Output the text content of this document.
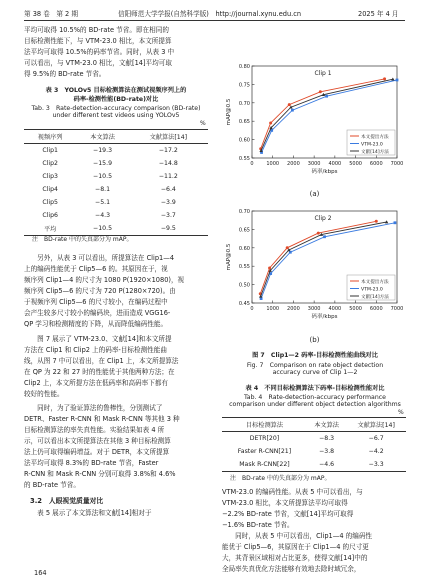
第 38 卷　第 2 期	信阳师范大学学报(自然科学版)　http://journal.xynu.edu.cn	2025 年 4 月
平均可取得 10.5%的 BD-rate 节省。即在相同的
目标检测性能下，与 VTM-23.0 相比，本文所提算
法平均可取得 10.5%的码率节省。同时，从表 3 中
可以看出，与 VTM-23.0 相比，文献[14]平均可取
得 9.5%的 BD-rate 节省。
表 3　YOLOv5 目标检测算法在测试视频序列上的
码率-检测性能(BD-rate)对比
Tab. 3　Rate-detection-accuracy comparison (BD-rate)
under different test videos using YOLOv5
%
视频序列	本文算法	文献算法[14]
Clip1	−19.3	−17.2
Clip2	−15.9	−14.8
Clip3	−10.5	−11.2
Clip4	−8.1	−6.4
Clip5	−5.1	−3.9
Clip6	−4.3	−3.7
平均	−10.5	−9.5
注　BD-rate 中的失真部分为 mAP。
　　另外，从表 3 可以看出，所提算法在 Clip1—4
上的编码性能优于 Clip5—6 的。其原因在于，视
频序列 Clip1—4 的尺寸为 1080 P(1920×1080)，视
频序列 Clip5—6 的尺寸为 720 P(1280×720)。由
于视频序列 Clip5—6 的尺寸较小，在编码过程中
会产生较多尺寸较小的编码块，进而造成 VGG16-
QP 学习和检测精度的下降，从而降低编码性能。
　　图 7 展示了 VTM-23.0、文献[14]和本文所提
方法在 Clip1 和 Clip2 上的码率-目标检测性能曲
线，从图 7 中可以看出，在 Clip1 上，本文所提算法
在 QP 为 22 和 27 时的性能优于其他两种方法；在
Clip2 上，本文所提方法在低码率和高码率下都有
较好的性能。
　　同时，为了验证算法的鲁棒性，分别测试了
DETR、Faster R-CNN 和 Mask R-CNN 等其他 3 种
目标检测算法的率失真性能。实验结果如表 4 所
示，可以看出本文所提算法在其他 3 种目标检测算
法上仍可取得编码增益。对于 DETR，本文所提算
法平均可取得 8.3%的 BD-rate 节省，Faster
R-CNN 和 Mask R-CNN 分别可取得 3.8%和 4.6%
的 BD-rate 节省。
3.2　人眼视觉质量对比
　　表 5 展示了本文算法和文献[14]相对于
164
0.80
0.75
0.70
0.65
0.60
0.55
0	1000 2000 3000 4000 5000 6000 7000
码率/kbps
mAP@0.5
Clip 1
本文提出方法
VTM-23.0
文献[14]方法
(a)
0.70
0.65
0.60
0.55
0.50
0.45
0	1000 2000 3000 4000 5000 6000 7000
码率/kbps
mAP@0.5
Clip 2
本文提出方法
VTM-23.0
文献[14]方法
(b)
图 7　Clip1—2 码率-目标检测性能曲线对比
Fig. 7　Comparison on rate object detection
accuracy curve of Clip 1—2
表 4　不同目标检测算法下码率-目标检测性能对比
Tab. 4　Rate-detection-accuracy performance
comparison under different object detection algorithms
%
目标检测算法	本文算法	文献算法[14]
DETR[20]	−8.3	−6.7
Faster R-CNN[21]	−3.8	−4.2
Mask R-CNN[22]	−4.6	−3.3
注　BD-rate 中的失真部分为 mAP。
VTM-23.0 的编码性能。从表 5 中可以看出，与
VTM-23.0 相比，本文所提算法平均可取得
−2.2% BD-rate 节省，文献[14]平均可取得
−1.6% BD-rate 节省。
　　同时，从表 5 中可以看出，Clip1—4 的编码性
能优于 Clip5—6，其原因在于 Clip1—4 的尺寸更
大，其背景区域相对占比更多，使得文献[14]中的
全局率失真优化方法能够有效地去除时域冗余，
